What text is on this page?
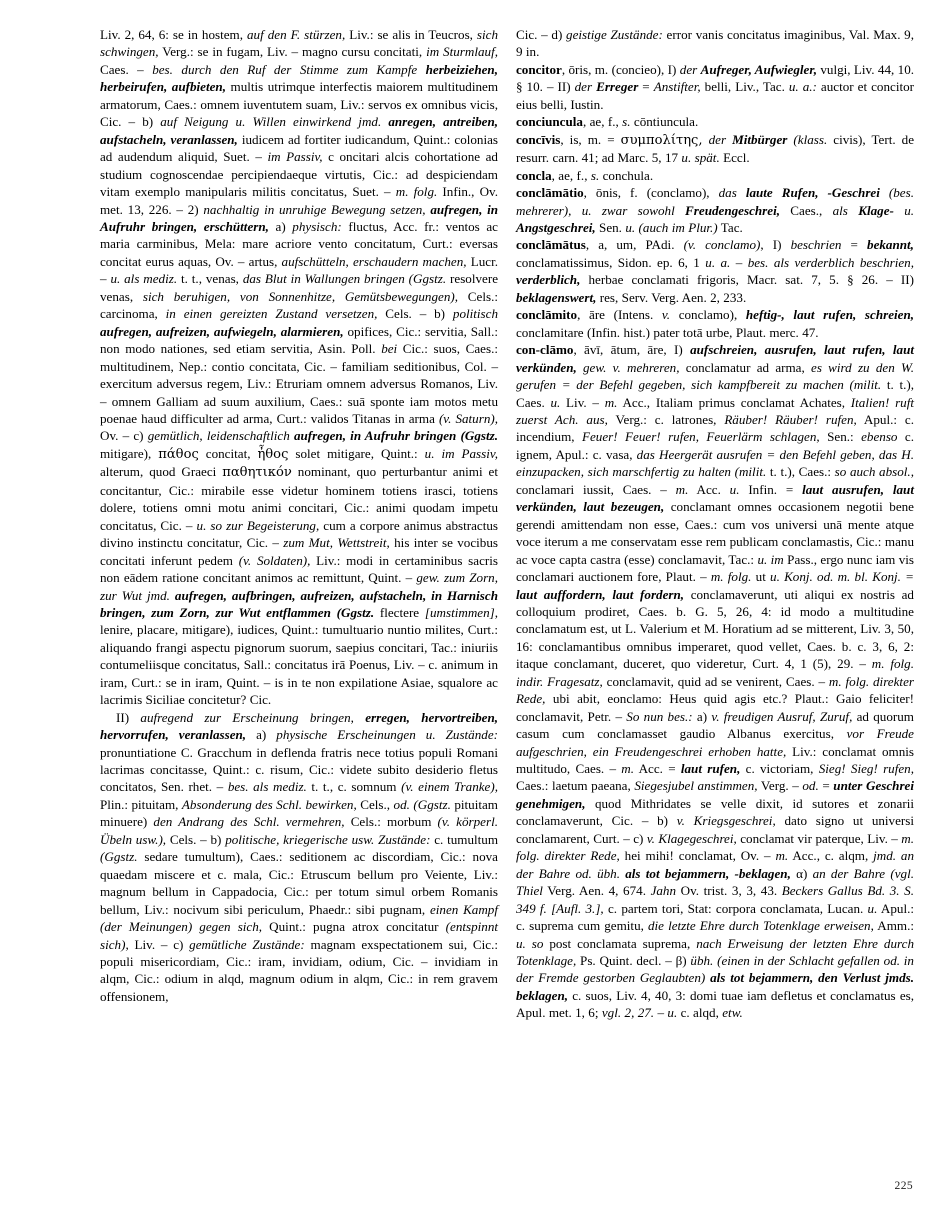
Liv. 2, 64, 6: se in hostem, auf den F. stürzen, Liv.: se alis in Teucros, sich schwingen, Verg.: se in fugam, Liv. – magno cursu concitati, im Sturmlauf, Caes. – bes. durch den Ruf der Stimme zum Kampfe herbeiziehen, herbeirufen, aufbieten, multis utrimque interfectis maiorem multitudinem armatorum, Caes.: omnem iuventutem suam, Liv.: servos ex omnibus vicis, Cic. – b) auf Neigung u. Willen einwirkend jmd. anregen, antreiben, aufstacheln, veranlassen, iudicem ad fortiter iudicandum, Quint.: colonias ad audendum aliquid, Suet. – im Passiv, c oncitari alcis cohortatione ad studium cognoscendae percipiendaeque virtutis, Cic.: ad despiciendam vitam exemplo manipularis militis concitatus, Suet. – m. folg. Infin., Ov. met. 13, 226. – 2) nachhaltig in unruhige Bewegung setzen, aufregen, in Aufruhr bringen, erschüttern, a) physisch: fluctus, Acc. fr.: ventos ac maria carminibus, Mela: mare acriore vento concitatum, Curt.: eversas concitat eurus aquas, Ov. – artus, aufschütteln, erschaudern machen, Lucr. – u. als mediz. t. t., venas, das Blut in Wallungen bringen (Ggstz. resolvere venas, sich beruhigen, von Sonnenhitze, Gemütsbewegungen), Cels.: carcinoma, in einen gereizten Zustand versetzen, Cels. – b) politisch aufregen, aufreizen, aufwiegeln, alarmieren, opifices, Cic.: servitia, Sall.: non modo nationes, sed etiam servitia, Asin. Poll. bei Cic.: suos, Caes.: multitudinem, Nep.: contio concitata, Cic. – familiam seditionibus, Col. – exercitum adversus regem, Liv.: Etruriam omnem adversus Romanos, Liv. – omnem Galliam ad suum auxilium, Caes.: suā sponte iam motos metu poenae haud difficulter ad arma, Curt.: validos Titanas in arma (v. Saturn), Ov. – c) gemütlich, leidenschaftlich aufregen, in Aufruhr bringen (Ggstz. mitigare), πάθος concitat, ἦθος solet mitigare, Quint.: u. im Passiv, alterum, quod Graeci παθητικόν nominant, quo perturbantur animi et concitantur, Cic.: mirabile esse videtur hominem totiens irasci, totiens dolere, totiens omni motu animi concitari, Cic.: animi quodam impetu concitatus, Cic. – u. so zur Begeisterung, cum a corpore animus abstractus divino instinctu concitatur, Cic. – zum Mut, Wettstreit, his inter se vocibus concitati inferunt pedem (v. Soldaten), Liv.: modi in certaminibus sacris non eādem ratione concitant animos ac remittunt, Quint. – gew. zum Zorn, zur Wut jmd. aufregen, aufbringen, aufreizen, aufstacheln, in Harnisch bringen, zum Zorn, zur Wut entflammen (Ggstz. flectere [umstimmen], lenire, placare, mitigare), iudices, Quint.: tumultuario nuntio milites, Curt.: aliquando frangi aspectu pignorum suorum, saepius concitari, Tac.: iniuriis contumeliisque concitatus, Sall.: concitatus irā Poenus, Liv. – c. animum in iram, Curt.: se in iram, Quint. – is in te non expilatione Asiae, squalore ac lacrimis Siciliae concitetur? Cic.

II) aufregend zur Erscheinung bringen, erregen, hervortreiben, hervorrufen, veranlassen, a) physische Erscheinungen u. Zustände: pronuntiatione C. Gracchum in deflenda fratris nece totius populi Romani lacrimas concitasse, Quint.: c. risum, Cic.: videte subito desiderio fletus concitatos, Sen. rhet. – bes. als mediz. t. t., c. somnum (v. einem Tranke), Plin.: pituitam, Absonderung des Schl. bewirken, Cels., od. (Ggstz. pituitam minuere) den Andrang des Schl. vermehren, Cels.: morbum (v. körperl. Übeln usw.), Cels. – b) politische, kriegerische usw. Zustände: c. tumultum (Ggstz. sedare tumultum), Caes.: seditionem ac discordiam, Cic.: nova quaedam miscere et c. mala, Cic.: Etruscum bellum pro Veiente, Liv.: magnum bellum in Cappadocia, Cic.: per totum simul orbem Romanis bellum, Liv.: nocivum sibi periculum, Phaedr.: sibi pugnam, einen Kampf (der Meinungen) gegen sich, Quint.: pugna atrox concitatur (entspinnt sich), Liv. – c) gemütliche Zustände: magnam exspectationem sui, Cic.: populi misericordiam, Cic.: iram, invidiam, odium, Cic. – invidiam in alqm, Cic.: odium in alqd, magnum odium in alqm, Cic.: in rem gravem offensionem,

Cic. – d) geistige Zustände: error vanis concitatus imaginibus, Val. Max. 9, 9 in.

concitor, ōris, m. (concieo), I) der Aufreger, Aufwiegler, vulgi, Liv. 44, 10. § 10. – II) der Erreger = Anstifter, belli, Liv., Tac. u. a.: auctor et concitor eius belli, Iustin.

conciuncula, ae, f., s. cōntiuncula.

concīvis, is, m. = συμπολίτης, der Mitbürger (klass. civis), Tert. de resurr. carn. 41; ad Marc. 5, 17 u. spät. Eccl.

concla, ae, f., s. conchula.

conclāmātio, ōnis, f. (conclamo), das laute Rufen, -Geschrei (bes. mehrerer), u. zwar sowohl Freudengeschrei, Caes., als Klage- u. Angstgeschrei, Sen. u. (auch im Plur.) Tac.

conclāmātus, a, um, PAdi. (v. conclamo), I) beschrien = bekannt, conclamatissimus, Sidon. ep. 6, 1 u. a. – bes. als verderblich beschrien, verderblich, herbae conclamati frigoris, Macr. sat. 7, 5. § 26. – II) beklagenswert, res, Serv. Verg. Aen. 2, 233.

conclāmito, āre (Intens. v. conclamo), heftig-, laut rufen, schreien, conclamitare (Infin. hist.) pater totā urbe, Plaut. merc. 47.

con-clāmo, āvī, ātum, āre, I) aufschreien, ausrufen, laut rufen, laut verkünden, gew. v. mehreren, conclamatur ad arma, es wird zu den W. gerufen = der Befehl gegeben, sich kampfbereit zu machen (milit. t. t.), Caes. u. Liv. – m. Acc., Italiam primus conclamat Achates, Italien! ruft zuerst Ach. aus, Verg.: c. latrones, Räuber! Räuber! rufen, Apul.: c. incendium, Feuer! Feuer! rufen, Feuerlärm schlagen, Sen.: ebenso c. ignem, Apul.: c. vasa, das Heergerät ausrufen = den Befehl geben, das H. einzupacken, sich marschfertig zu halten (milit. t. t.), Caes.: so auch absol., conclamari iussit, Caes. – m. Acc. u. Infin. = laut ausrufen, laut verkünden, laut bezeugen, conclamant omnes occasionem negotii bene gerendi amittendam non esse, Caes.: cum vos universi unā mente atque voce iterum a me conservatam esse rem publicam conclamastis, Cic.: manu ac voce capta castra (esse) conclamavit, Tac.: u. im Pass., ergo nunc iam vis conclamari auctionem fore, Plaut. – m. folg. ut u. Konj. od. m. bl. Konj. = laut auffordern, laut fordern, conclamaverunt, uti aliqui ex nostris ad colloquium prodiret, Caes. b. G. 5, 26, 4: id modo a multitudine conclamatum est, ut L. Valerium et M. Horatium ad se mitterent, Liv. 3, 50, 16: conclamantibus omnibus imperaret, quod vellet, Caes. b. c. 3, 6, 2: itaque conclamant, duceret, quo videretur, Curt. 4, 1 (5), 29. – m. folg. indir. Fragesatz, conclamavit, quid ad se venirent, Caes. – m. folg. direkter Rede, ubi abit, eonclamo: Heus quid agis etc.? Plaut.: Gaio feliciter! conclamavit, Petr. – So nun bes.: a) v. freudigen Ausruf, Zuruf, ad quorum casum cum conclamasset gaudio Albanus exercitus, vor Freude aufgeschrien, ein Freudengeschrei erhoben hatte, Liv.: conclamat omnis multitudo, Caes. – m. Acc. = laut rufen, c. victoriam, Sieg! Sieg! rufen, Caes.: laetum paeana, Siegesjubel anstimmen, Verg. – od. = unter Geschrei genehmigen, quod Mithridates se velle dixit, id sutores et zonarii conclamaverunt, Cic. – b) v. Kriegsgeschrei, dato signo ut universi conclamarent, Curt. – c) v. Klagegeschrei, conclamat vir paterque, Liv. – m. folg. direkter Rede, hei mihi! conclamat, Ov. – m. Acc., c. alqm, jmd. an der Bahre od. übh. als tot bejammern, -beklagen, α) an der Bahre (vgl. Thiel Verg. Aen. 4, 674. Jahn Ov. trist. 3, 3, 43. Beckers Gallus Bd. 3. S. 349 f. [Aufl. 3.], c. partem tori, Stat: corpora conclamata, Lucan. u. Apul.: c. suprema cum gemitu, die letzte Ehre durch Totenklage erweisen, Amm.: u. so post conclamata suprema, nach Erweisung der letzten Ehre durch Totenklage, Ps. Quint. decl. – β) übh. (einen in der Schlacht gefallen od. in der Fremde gestorben Geglaubten) als tot bejammern, den Verlust jmds. beklagen, c. suos, Liv. 4, 40, 3: domi tuae iam defletus et conclamatus es, Apul. met. 1, 6; vgl. 2, 27. – u. c. alqd, etw.

225
